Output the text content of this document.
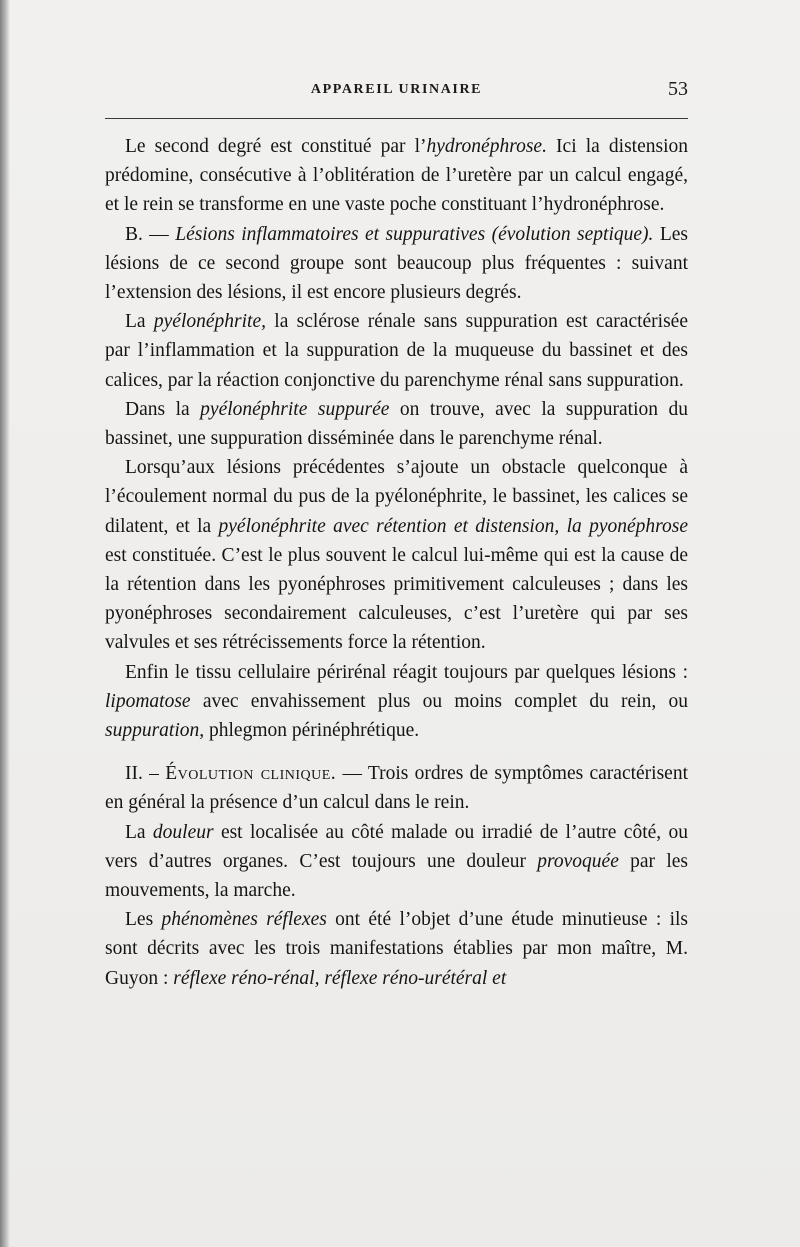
APPAREIL URINAIRE	53

Le second degré est constitué par l’hydronéphrose. Ici la distension prédomine, consécutive à l’oblitération de l’uretère par un calcul engagé, et le rein se transforme en une vaste poche constituant l’hydronéphrose.

B. — Lésions inflammatoires et suppuratives (évolution septique). Les lésions de ce second groupe sont beaucoup plus fréquentes : suivant l’extension des lésions, il est encore plusieurs degrés.

La pyélonéphrite, la sclérose rénale sans suppuration est caractérisée par l’inflammation et la suppuration de la muqueuse du bassinet et des calices, par la réaction conjonctive du parenchyme rénal sans suppuration.

Dans la pyélonéphrite suppurée on trouve, avec la suppuration du bassinet, une suppuration disséminée dans le parenchyme rénal.

Lorsqu’aux lésions précédentes s’ajoute un obstacle quelconque à l’écoulement normal du pus de la pyélonéphrite, le bassinet, les calices se dilatent, et la pyélonéphrite avec rétention et distension, la pyonéphrose est constituée. C’est le plus souvent le calcul lui-même qui est la cause de la rétention dans les pyonéphroses primitivement calculeuses ; dans les pyonéphroses secondairement calculeuses, c’est l’uretère qui par ses valvules et ses rétrécissements force la rétention.

Enfin le tissu cellulaire périrénal réagit toujours par quelques lésions : lipomatose avec envahissement plus ou moins complet du rein, ou suppuration, phlegmon périnéphrétique.

II. – Évolution clinique. — Trois ordres de symptômes caractérisent en général la présence d’un calcul dans le rein.

La douleur est localisée au côté malade ou irradié de l’autre côté, ou vers d’autres organes. C’est toujours une douleur provoquée par les mouvements, la marche.

Les phénomènes réflexes ont été l’objet d’une étude minutieuse : ils sont décrits avec les trois manifestations établies par mon maître, M. Guyon : réflexe réno-rénal, réflexe réno-urétéral et
